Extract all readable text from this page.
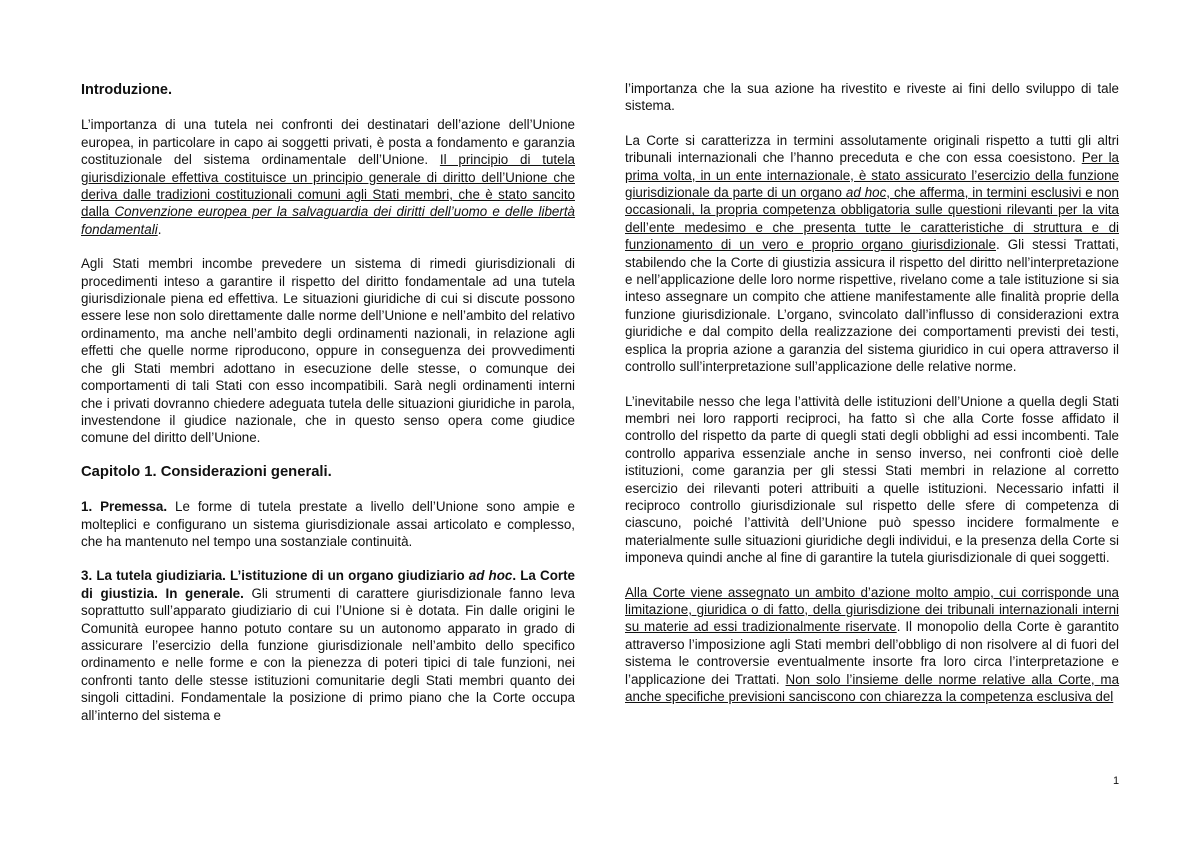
Introduzione.

L’importanza di una tutela nei confronti dei destinatari dell’azione dell’Unione europea, in particolare in capo ai soggetti privati, è posta a fondamento e garanzia costituzionale del sistema ordinamentale dell’Unione. Il principio di tutela giurisdizionale effettiva costituisce un principio generale di diritto dell’Unione che deriva dalle tradizioni costituzionali comuni agli Stati membri, che è stato sancito dalla Convenzione europea per la salvaguardia dei diritti dell’uomo e delle libertà fondamentali.

Agli Stati membri incombe prevedere un sistema di rimedi giurisdizionali di procedimenti inteso a garantire il rispetto del diritto fondamentale ad una tutela giurisdizionale piena ed effettiva. Le situazioni giuridiche di cui si discute possono essere lese non solo direttamente dalle norme dell’Unione e nell’ambito del relativo ordinamento, ma anche nell’ambito degli ordinamenti nazionali, in relazione agli effetti che quelle norme riproducono, oppure in conseguenza dei provvedimenti che gli Stati membri adottano in esecuzione delle stesse, o comunque dei comportamenti di tali Stati con esso incompatibili. Sarà negli ordinamenti interni che i privati dovranno chiedere adeguata tutela delle situazioni giuridiche in parola, investendone il giudice nazionale, che in questo senso opera come giudice comune del diritto dell’Unione.

Capitolo 1. Considerazioni generali.

1. Premessa. Le forme di tutela prestate a livello dell’Unione sono ampie e molteplici e configurano un sistema giurisdizionale assai articolato e complesso, che ha mantenuto nel tempo una sostanziale continuità.

3. La tutela giudiziaria. L’istituzione di un organo giudiziario ad hoc. La Corte di giustizia. In generale. Gli strumenti di carattere giurisdizionale fanno leva soprattutto sull’apparato giudiziario di cui l’Unione si è dotata. Fin dalle origini le Comunità europee hanno potuto contare su un autonomo apparato in grado di assicurare l’esercizio della funzione giurisdizionale nell’ambito dello specifico ordinamento e nelle forme e con la pienezza di poteri tipici di tale funzioni, nei confronti tanto delle stesse istituzioni comunitarie degli Stati membri quanto dei singoli cittadini. Fondamentale la posizione di primo piano che la Corte occupa all’interno del sistema e

l’importanza che la sua azione ha rivestito e riveste ai fini dello sviluppo di tale sistema.

La Corte si caratterizza in termini assolutamente originali rispetto a tutti gli altri tribunali internazionali che l’hanno preceduta e che con essa coesistono. Per la prima volta, in un ente internazionale, è stato assicurato l’esercizio della funzione giurisdizionale da parte di un organo ad hoc, che afferma, in termini esclusivi e non occasionali, la propria competenza obbligatoria sulle questioni rilevanti per la vita dell’ente medesimo e che presenta tutte le caratteristiche di struttura e di funzionamento di un vero e proprio organo giurisdizionale. Gli stessi Trattati, stabilendo che la Corte di giustizia assicura il rispetto del diritto nell’interpretazione e nell’applicazione delle loro norme rispettive, rivelano come a tale istituzione si sia inteso assegnare un compito che attiene manifestamente alle finalità proprie della funzione giurisdizionale. L’organo, svincolato dall’influsso di considerazioni extra giuridiche e dal compito della realizzazione dei comportamenti previsti dei testi, esplica la propria azione a garanzia del sistema giuridico in cui opera attraverso il controllo sull’interpretazione sull’applicazione delle relative norme.

L’inevitabile nesso che lega l’attività delle istituzioni dell’Unione a quella degli Stati membri nei loro rapporti reciproci, ha fatto sì che alla Corte fosse affidato il controllo del rispetto da parte di quegli stati degli obblighi ad essi incombenti. Tale controllo appariva essenziale anche in senso inverso, nei confronti cioè delle istituzioni, come garanzia per gli stessi Stati membri in relazione al corretto esercizio dei rilevanti poteri attribuiti a quelle istituzioni. Necessario infatti il reciproco controllo giurisdizionale sul rispetto delle sfere di competenza di ciascuno, poiché l’attività dell’Unione può spesso incidere formalmente e materialmente sulle situazioni giuridiche degli individui, e la presenza della Corte si imponeva quindi anche al fine di garantire la tutela giurisdizionale di quei soggetti.

Alla Corte viene assegnato un ambito d’azione molto ampio, cui corrisponde una limitazione, giuridica o di fatto, della giurisdizione dei tribunali internazionali interni su materie ad essi tradizionalmente riservate. Il monopolio della Corte è garantito attraverso l’imposizione agli Stati membri dell’obbligo di non risolvere al di fuori del sistema le controversie eventualmente insorte fra loro circa l’interpretazione e l’applicazione dei Trattati. Non solo l’insieme delle norme relative alla Corte, ma anche specifiche previsioni sanciscono con chiarezza la competenza esclusiva del

1
